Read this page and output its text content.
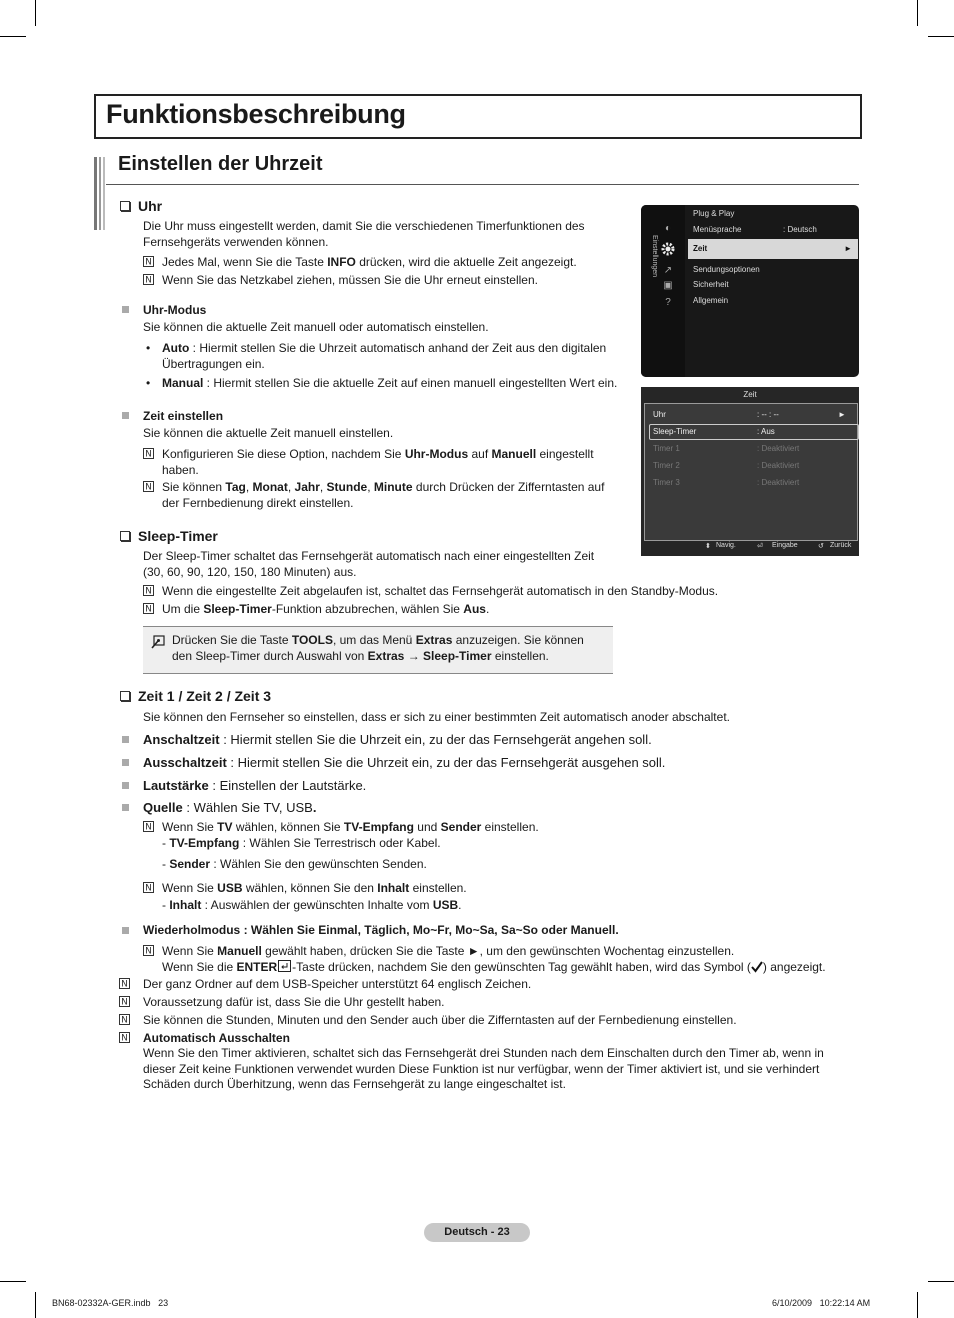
Funktionsbeschreibung
Einstellen der Uhrzeit
Uhr
Die Uhr muss eingestellt werden, damit Sie die verschiedenen Timerfunktionen des
Fernsehgeräts verwenden können.
N Jedes Mal, wenn Sie die Taste INFO drücken, wird die aktuelle Zeit angezeigt.
N Wenn Sie das Netzkabel ziehen, müssen Sie die Uhr erneut einstellen.
Uhr-Modus
Sie können die aktuelle Zeit manuell oder automatisch einstellen.
• Auto : Hiermit stellen Sie die Uhrzeit automatisch anhand der Zeit aus den digitalen
Übertragungen ein.
• Manual : Hiermit stellen Sie die aktuelle Zeit auf einen manuell eingestellten Wert ein.
Zeit einstellen
Sie können die aktuelle Zeit manuell einstellen.
N Konfigurieren Sie diese Option, nachdem Sie Uhr-Modus auf Manuell eingestellt
haben.
N Sie können Tag, Monat, Jahr, Stunde, Minute durch Drücken der Zifferntasten auf
der Fernbedienung direkt einstellen.
Sleep-Timer
Der Sleep-Timer schaltet das Fernsehgerät automatisch nach einer eingestellten Zeit
(30, 60, 90, 120, 150, 180 Minuten) aus.
N Wenn die eingestellte Zeit abgelaufen ist, schaltet das Fernsehgerät automatisch in den Standby-Modus.
N Um die Sleep-Timer-Funktion abzubrechen, wählen Sie Aus.
Drücken Sie die Taste TOOLS, um das Menü Extras anzuzeigen. Sie können
den Sleep-Timer durch Auswahl von Extras → Sleep-Timer einstellen.
Zeit 1 / Zeit 2 / Zeit 3
Sie können den Fernseher so einstellen, dass er sich zu einer bestimmten Zeit automatisch anoder abschaltet.
Anschaltzeit : Hiermit stellen Sie die Uhrzeit ein, zu der das Fernsehgerät angehen soll.
Ausschaltzeit : Hiermit stellen Sie die Uhrzeit ein, zu der das Fernsehgerät ausgehen soll.
Lautstärke : Einstellen der Lautstärke.
Quelle : Wählen Sie TV, USB.
N Wenn Sie TV wählen, können Sie TV-Empfang und Sender einstellen.
- TV-Empfang : Wählen Sie Terrestrisch oder Kabel.
- Sender : Wählen Sie den gewünschten Senden.
N Wenn Sie USB wählen, können Sie den Inhalt einstellen.
- Inhalt : Auswählen der gewünschten Inhalte vom USB.
Wiederholmodus : Wählen Sie Einmal, Täglich, Mo~Fr, Mo~Sa, Sa~So oder Manuell.
N Wenn Sie Manuell gewählt haben, drücken Sie die Taste ►, um den gewünschten Wochentag einzustellen.
Wenn Sie die ENTER -Taste drücken, nachdem Sie den gewünschten Tag gewählt haben, wird das Symbol ( ) angezeigt.
N Der ganz Ordner auf dem USB-Speicher unterstützt 64 englisch Zeichen.
N Voraussetzung dafür ist, dass Sie die Uhr gestellt haben.
N Sie können die Stunden, Minuten und den Sender auch über die Zifferntasten auf der Fernbedienung einstellen.
N Automatisch Ausschalten
Wenn Sie den Timer aktivieren, schaltet sich das Fernsehgerät drei Stunden nach dem Einschalten durch den Timer ab, wenn in
dieser Zeit keine Funktionen verwendet wurden Diese Funktion ist nur verfügbar, wenn der Timer aktiviert ist, und sie verhindert
Schäden durch Überhitzung, wenn das Fernsehgerät zu lange eingeschaltet ist.
Einstellungen
◐
↗
▣
?
Plug & Play
Menüsprache	: Deutsch
Zeit	►
Sendungsoptionen
Sicherheit
Allgemein
Zeit
Uhr	: -- : --	►
Sleep-Timer	: Aus
Timer 1	: Deaktiviert
Timer 2	: Deaktiviert
Timer 3	: Deaktiviert
⬍ Navig.	⏎ Eingabe	↺ Zurück
Deutsch - 23
BN68-02332A-GER.indb 23	6/10/2009 10:22:14 AM
